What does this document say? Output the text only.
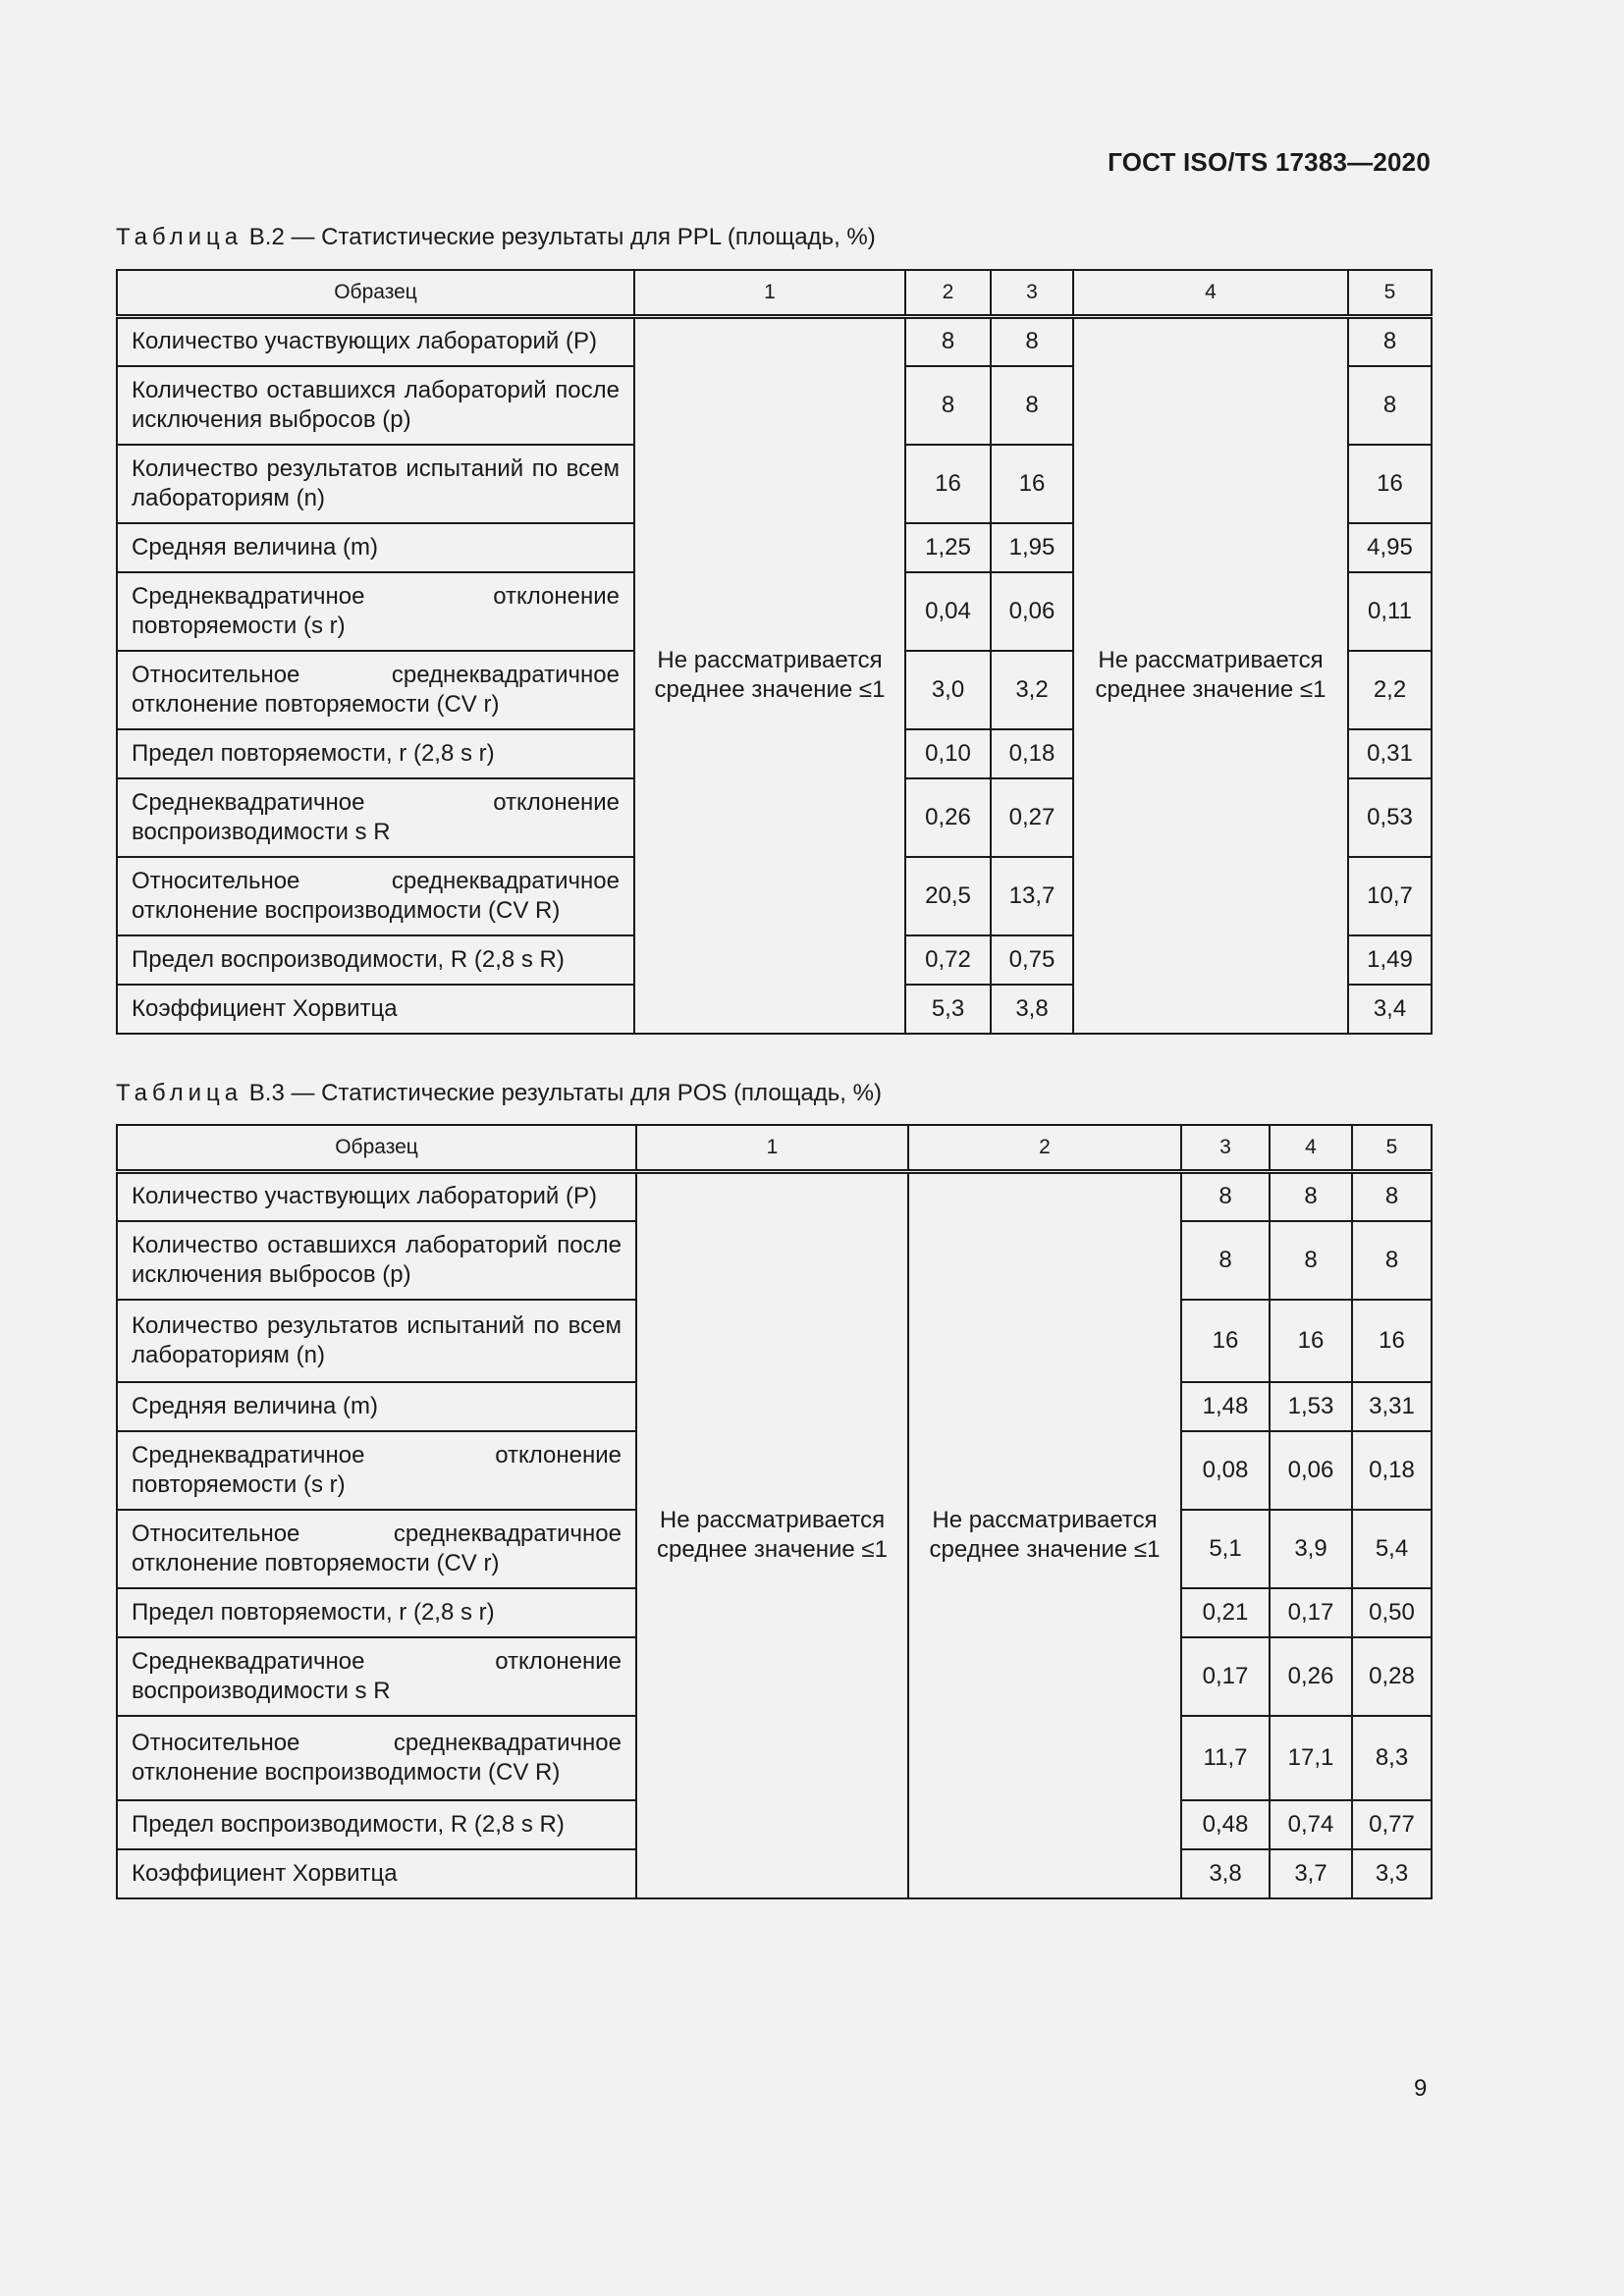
ГОСТ ISO/TS 17383—2020
Таблица В.2 — Статистические результаты для PPL (площадь, %)
Образец	1	2	3	4	5
Количество участвующих лабораторий (P)	Не рассматривается среднее значение ≤1	8	8	Не рассматривается среднее значение ≤1	8
Количество оставшихся лабораторий после исключения выбросов (p)		8	8		8
Количество результатов испытаний по всем лабораториям (n)		16	16		16
Средняя величина (m)		1,25	1,95		4,95
Среднеквадратичное отклонение повторяемости (s r)		0,04	0,06		0,11
Относительное среднеквадратичное отклонение повторяемости (CV r)		3,0	3,2		2,2
Предел повторяемости, r (2,8 s r)		0,10	0,18		0,31
Среднеквадратичное отклонение воспроизводимости s R		0,26	0,27		0,53
Относительное среднеквадратичное отклонение воспроизводимости (CV R)		20,5	13,7		10,7
Предел воспроизводимости, R (2,8 s R)		0,72	0,75		1,49
Коэффициент Хорвитца		5,3	3,8		3,4
Таблица В.3 — Статистические результаты для POS (площадь, %)
Образец	1	2	3	4	5
Количество участвующих лабораторий (P)	Не рассматривается среднее значение ≤1	Не рассматривается среднее значение ≤1	8	8	8
Количество оставшихся лабораторий после исключения выбросов (p)			8	8	8
Количество результатов испытаний по всем лабораториям (n)			16	16	16
Средняя величина (m)			1,48	1,53	3,31
Среднеквадратичное отклонение повторяемости (s r)			0,08	0,06	0,18
Относительное среднеквадратичное отклонение повторяемости (CV r)			5,1	3,9	5,4
Предел повторяемости, r (2,8 s r)			0,21	0,17	0,50
Среднеквадратичное отклонение воспроизводимости s R			0,17	0,26	0,28
Относительное среднеквадратичное отклонение воспроизводимости (CV R)			11,7	17,1	8,3
Предел воспроизводимости, R (2,8 s R)			0,48	0,74	0,77
Коэффициент Хорвитца			3,8	3,7	3,3
9
